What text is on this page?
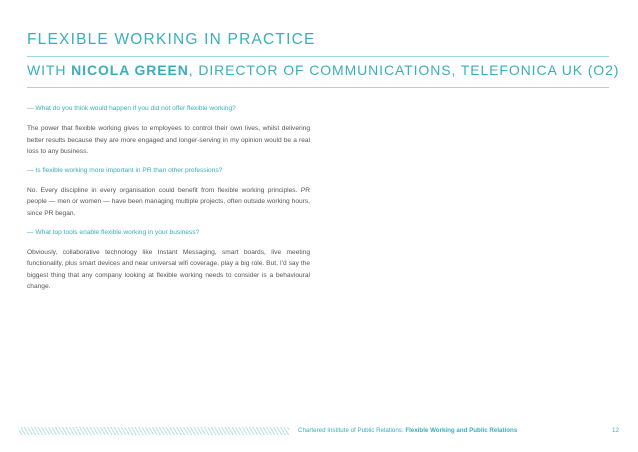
FLEXIBLE WORKING IN PRACTICE
WITH NICOLA GREEN, DIRECTOR OF COMMUNICATIONS, TELEFONICA UK (O2)

— What do you think would happen if you did not offer flexible working?

The power that flexible working gives to employees to control their own lives, whilst delivering better results because they are more engaged and longer-serving in my opinion would be a real loss to any business.

— Is flexible working more important in PR than other professions?

No. Every discipline in every organisation could benefit from flexible working principles. PR people — men or women — have been managing multiple projects, often outside working hours, since PR began.

— What top tools enable flexible working in your business?

Obviously, collaborative technology like Instant Messaging, smart boards, live meeting functionality, plus smart devices and near universal wifi coverage, play a big role. But, I'd say the biggest thing that any company looking at flexible working needs to consider is a behavioural change.

Chartered Institute of Public Relations: Flexible Working and Public Relations	12
